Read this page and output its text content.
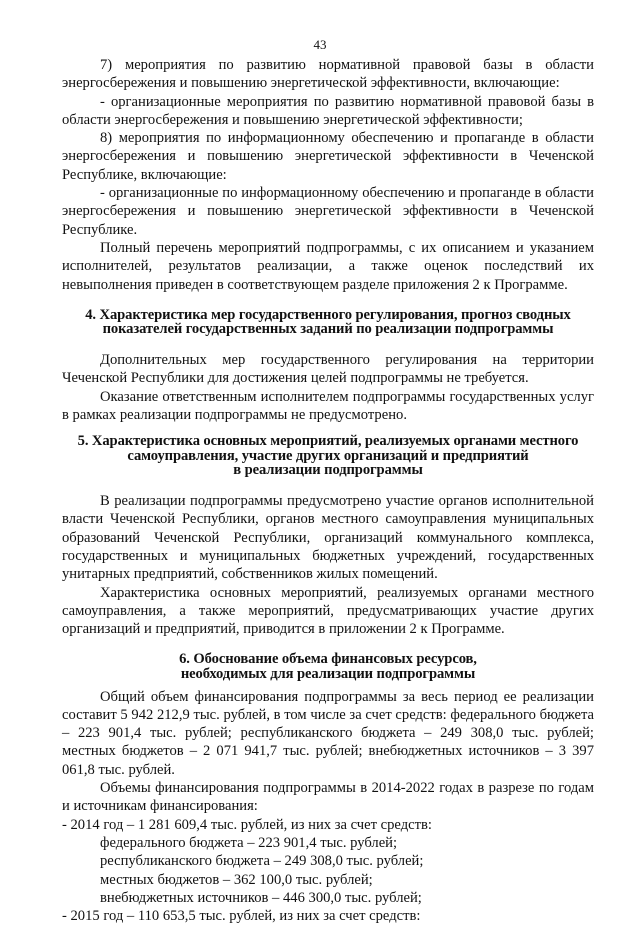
43

7) мероприятия по развитию нормативной правовой базы в области энергосбережения и повышению энергетической эффективности, включающие:

- организационные мероприятия по развитию нормативной правовой базы в области энергосбережения и повышению энергетической эффективности;

8) мероприятия по информационному обеспечению и пропаганде в области энергосбережения и повышению энергетической эффективности в Чеченской Республике, включающие:

- организационные по информационному обеспечению и пропаганде в области энергосбережения и повышению энергетической эффективности в Чеченской Республике.

Полный перечень мероприятий подпрограммы, с их описанием и указанием исполнителей, результатов реализации, а также оценок последствий их невыполнения приведен в соответствующем разделе приложения 2 к Программе.

4. Характеристика мер государственного регулирования, прогноз сводных
показателей государственных заданий по реализации подпрограммы

Дополнительных мер государственного регулирования на территории Чеченской Республики для достижения целей подпрограммы не требуется.

Оказание ответственным исполнителем подпрограммы государственных услуг в рамках реализации подпрограммы не предусмотрено.

5. Характеристика основных мероприятий, реализуемых органами местного
самоуправления, участие других организаций и предприятий
в реализации подпрограммы

В реализации подпрограммы предусмотрено участие органов исполнительной власти Чеченской Республики, органов местного самоуправления муниципальных образований Чеченской Республики, организаций коммунального комплекса, государственных и муниципальных бюджетных учреждений, государственных унитарных предприятий, собственников жилых помещений.

Характеристика основных мероприятий, реализуемых органами местного самоуправления, а также мероприятий, предусматривающих участие других организаций и предприятий, приводится в приложении 2 к Программе.

6. Обоснование объема финансовых ресурсов,
необходимых для реализации подпрограммы

Общий объем финансирования подпрограммы за весь период ее реализации составит 5 942 212,9 тыс. рублей, в том числе за счет средств: федерального бюджета – 223 901,4 тыс. рублей; республиканского бюджета – 249 308,0 тыс. рублей; местных бюджетов – 2 071 941,7 тыс. рублей; внебюджетных источников – 3 397 061,8 тыс. рублей.

Объемы финансирования подпрограммы в 2014-2022 годах в разрезе по годам и источникам финансирования:

- 2014 год – 1 281 609,4 тыс. рублей, из них за счет средств:

федерального бюджета – 223 901,4 тыс. рублей;
республиканского бюджета – 249 308,0 тыс. рублей;
местных бюджетов – 362 100,0 тыс. рублей;
внебюджетных источников – 446 300,0 тыс. рублей;

- 2015 год – 110 653,5 тыс. рублей, из них за счет средств:
